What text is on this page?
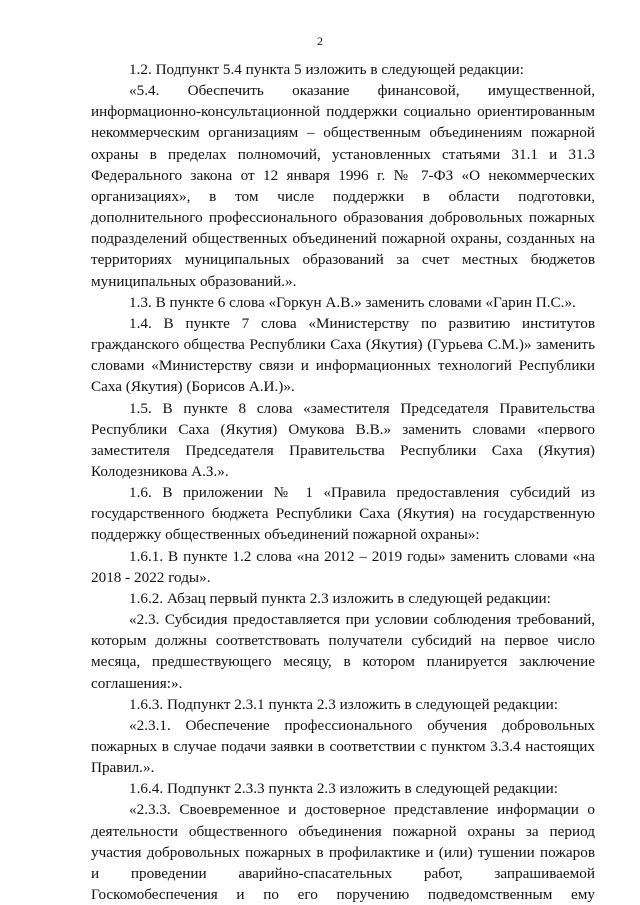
2

1.2. Подпункт 5.4 пункта 5 изложить в следующей редакции:

«5.4. Обеспечить оказание финансовой, имущественной, информационно-консультационной поддержки социально ориентированным некоммерческим организациям – общественным объединениям пожарной охраны в пределах полномочий, установленных статьями 31.1 и 31.3 Федерального закона от 12 января 1996 г. № 7-ФЗ «О некоммерческих организациях», в том числе поддержки в области подготовки, дополнительного профессионального образования добровольных пожарных подразделений общественных объединений пожарной охраны, созданных на территориях муниципальных образований за счет местных бюджетов муниципальных образований.».

1.3. В пункте 6 слова «Горкун А.В.» заменить словами «Гарин П.С.».

1.4. В пункте 7 слова «Министерству по развитию институтов гражданского общества Республики Саха (Якутия) (Гурьева С.М.)» заменить словами «Министерству связи и информационных технологий Республики Саха (Якутия) (Борисов А.И.)».

1.5. В пункте 8 слова «заместителя Председателя Правительства Республики Саха (Якутия) Омукова В.В.» заменить словами «первого заместителя Председателя Правительства Республики Саха (Якутия) Колодезникова А.З.».

1.6. В приложении № 1 «Правила предоставления субсидий из государственного бюджета Республики Саха (Якутия) на государственную поддержку общественных объединений пожарной охраны»:

1.6.1. В пункте 1.2 слова «на 2012 – 2019 годы» заменить словами «на 2018 - 2022 годы».

1.6.2. Абзац первый пункта 2.3 изложить в следующей редакции:

«2.3. Субсидия предоставляется при условии соблюдения требований, которым должны соответствовать получатели субсидий на первое число месяца, предшествующего месяцу, в котором планируется заключение соглашения:».

1.6.3. Подпункт 2.3.1 пункта 2.3 изложить в следующей редакции:

«2.3.1. Обеспечение профессионального обучения добровольных пожарных в случае подачи заявки в соответствии с пунктом 3.3.4 настоящих Правил.».

1.6.4. Подпункт 2.3.3 пункта 2.3 изложить в следующей редакции:

«2.3.3. Своевременное и достоверное представление информации о деятельности общественного объединения пожарной охраны за период участия добровольных пожарных в профилактике и (или) тушении пожаров и проведении аварийно-спасательных работ, запрашиваемой Госкомобеспечения и по его поручению подведомственным ему
